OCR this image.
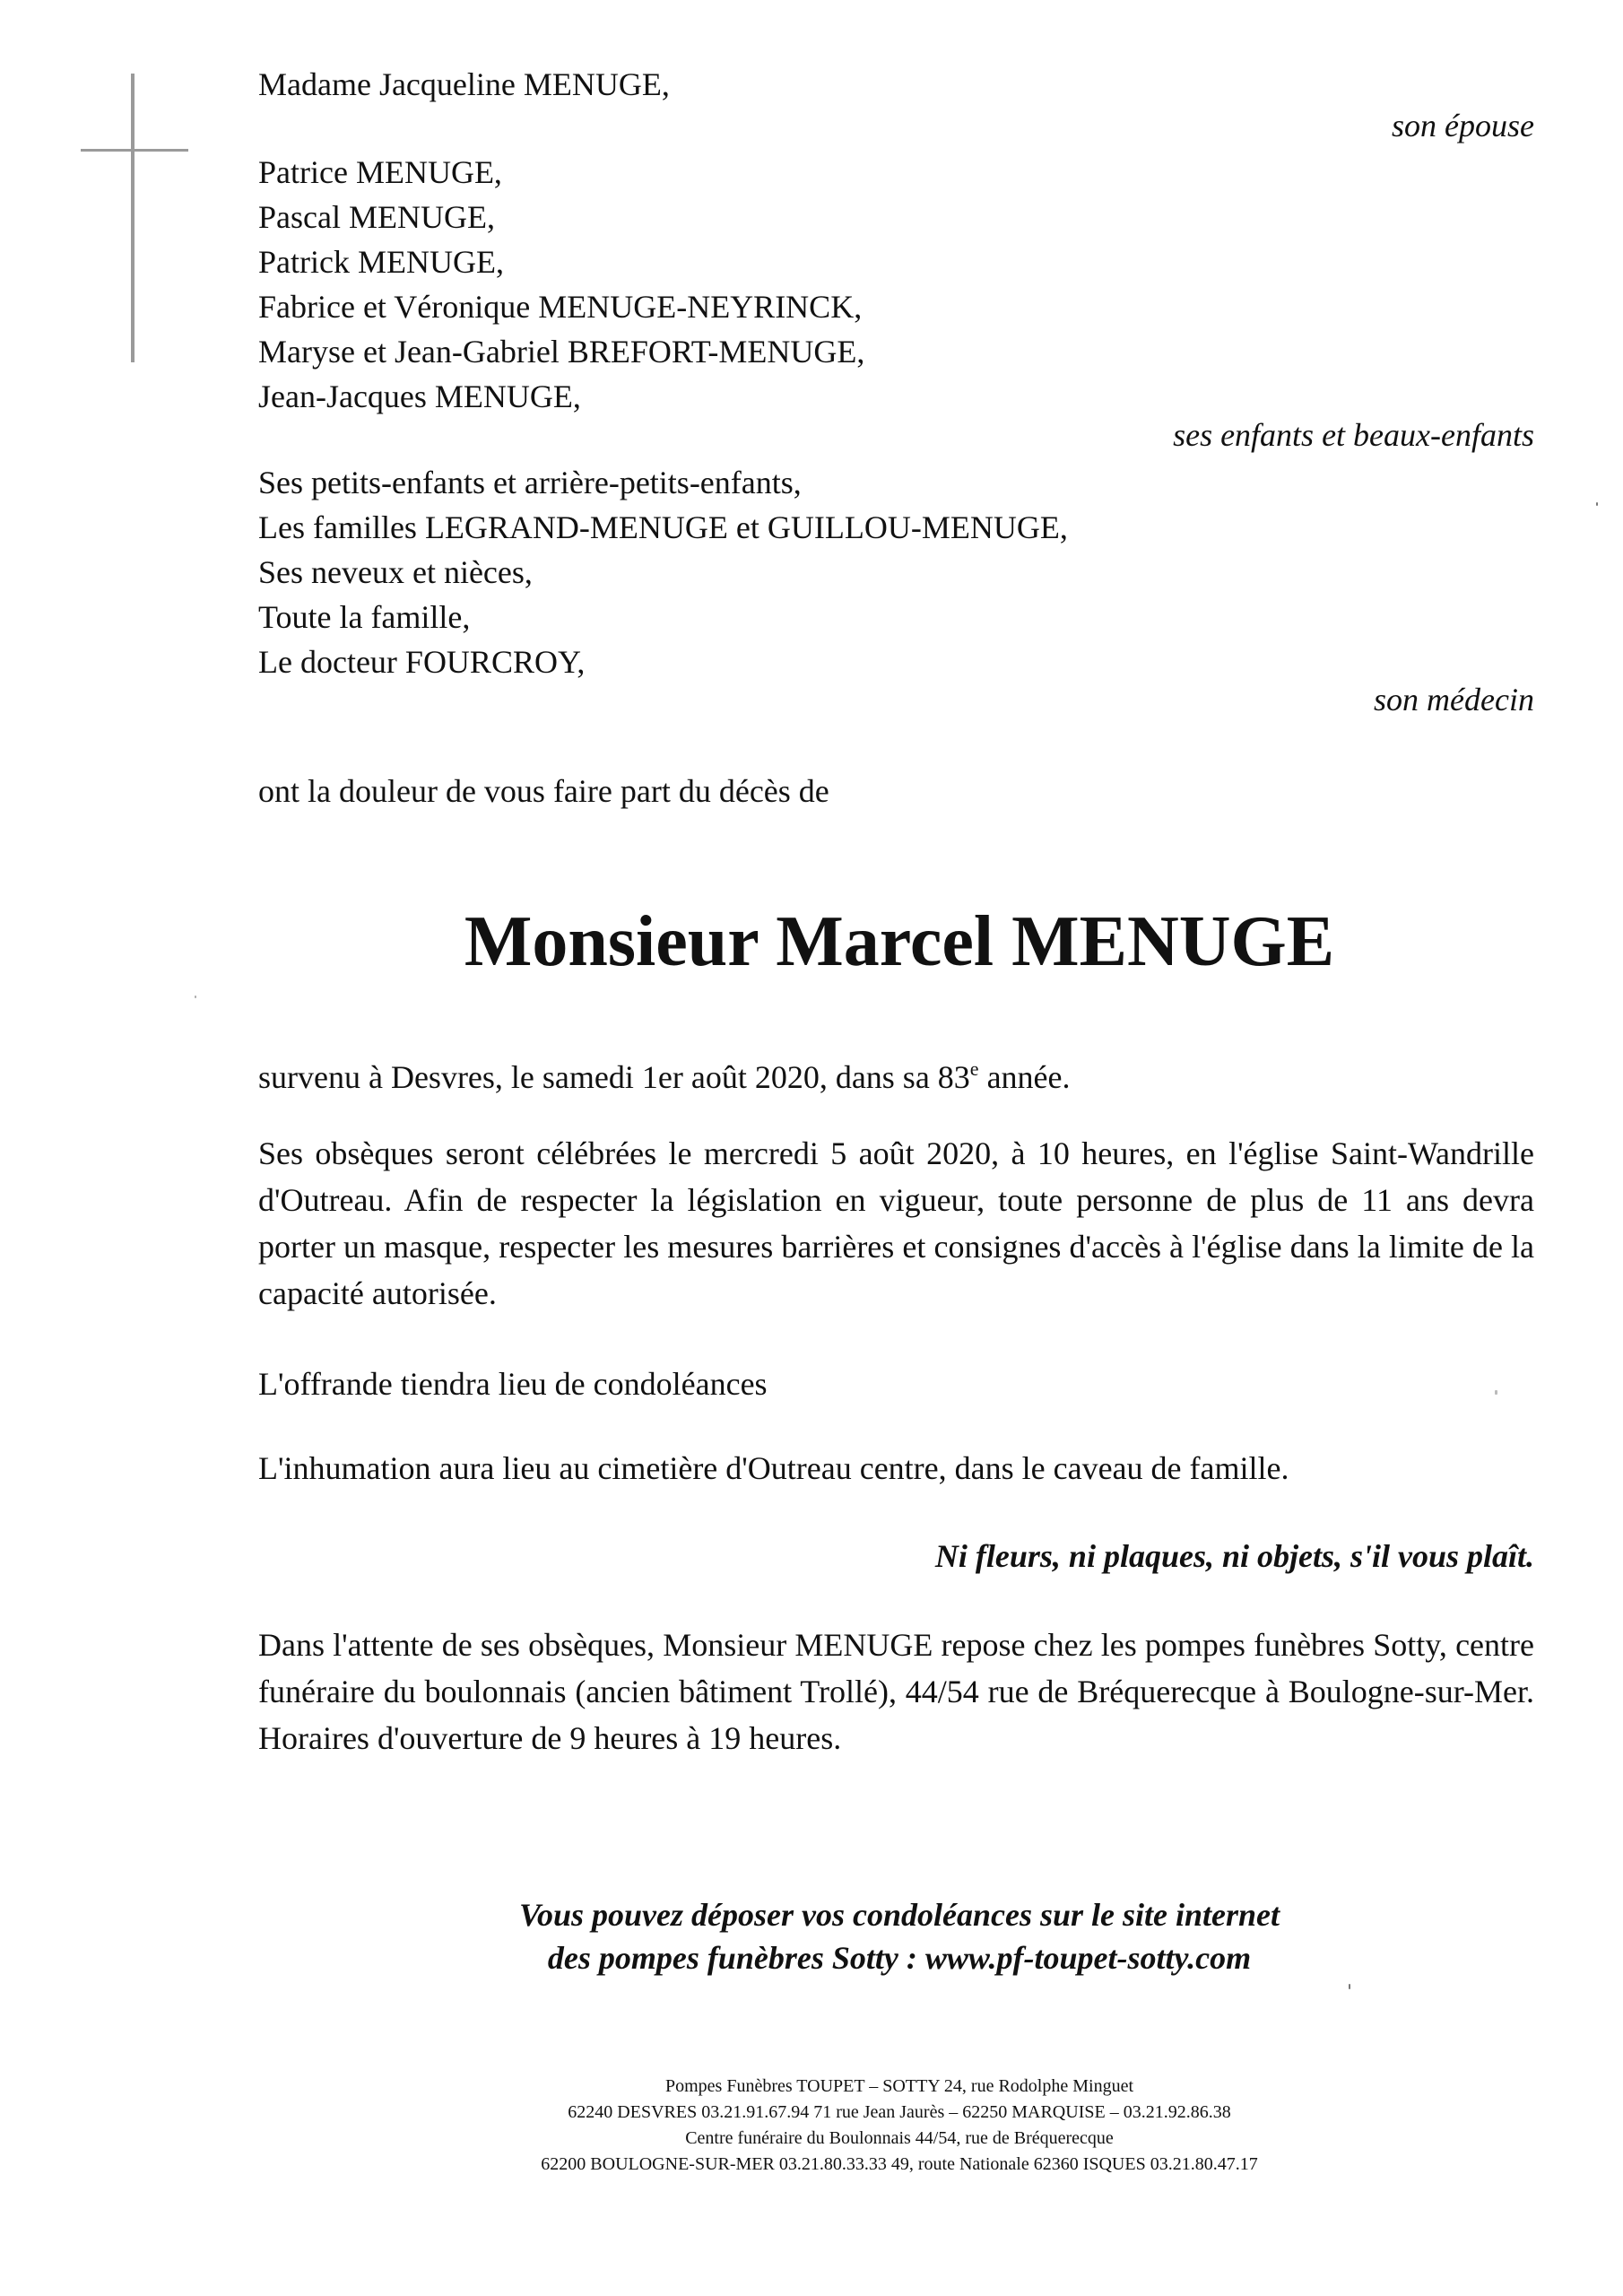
Madame Jacqueline MENUGE,
son épouse
Patrice MENUGE,
Pascal MENUGE,
Patrick MENUGE,
Fabrice et Véronique MENUGE-NEYRINCK,
Maryse et Jean-Gabriel BREFORT-MENUGE,
Jean-Jacques MENUGE,
ses enfants et beaux-enfants
Ses petits-enfants et arrière-petits-enfants,
Les familles LEGRAND-MENUGE et GUILLOU-MENUGE,
Ses neveux et nièces,
Toute la famille,
Le docteur FOURCROY,
son médecin
ont la douleur de vous faire part du décès de
Monsieur Marcel MENUGE
survenu à Desvres, le samedi 1er août 2020, dans sa 83e année.
Ses obsèques seront célébrées le mercredi 5 août 2020, à 10 heures, en l'église Saint-Wandrille d'Outreau. Afin de respecter la législation en vigueur, toute personne de plus de 11 ans devra porter un masque, respecter les mesures barrières et consignes d'accès à l'église dans la limite de la capacité autorisée.
L'offrande tiendra lieu de condoléances
L'inhumation aura lieu au cimetière d'Outreau centre, dans le caveau de famille.
Ni fleurs, ni plaques, ni objets, s'il vous plaît.
Dans l'attente de ses obsèques, Monsieur MENUGE repose chez les pompes funèbres Sotty, centre funéraire du boulonnais (ancien bâtiment Trollé), 44/54 rue de Bréquerecque à Boulogne-sur-Mer. Horaires d'ouverture de 9 heures à 19 heures.
Vous pouvez déposer vos condoléances sur le site internet
des pompes funèbres Sotty : www.pf-toupet-sotty.com
Pompes Funèbres TOUPET – SOTTY 24, rue Rodolphe Minguet
62240 DESVRES 03.21.91.67.94 71 rue Jean Jaurès – 62250 MARQUISE – 03.21.92.86.38
Centre funéraire du Boulonnais 44/54, rue de Bréquerecque
62200 BOULOGNE-SUR-MER 03.21.80.33.33 49, route Nationale 62360 ISQUES 03.21.80.47.17
